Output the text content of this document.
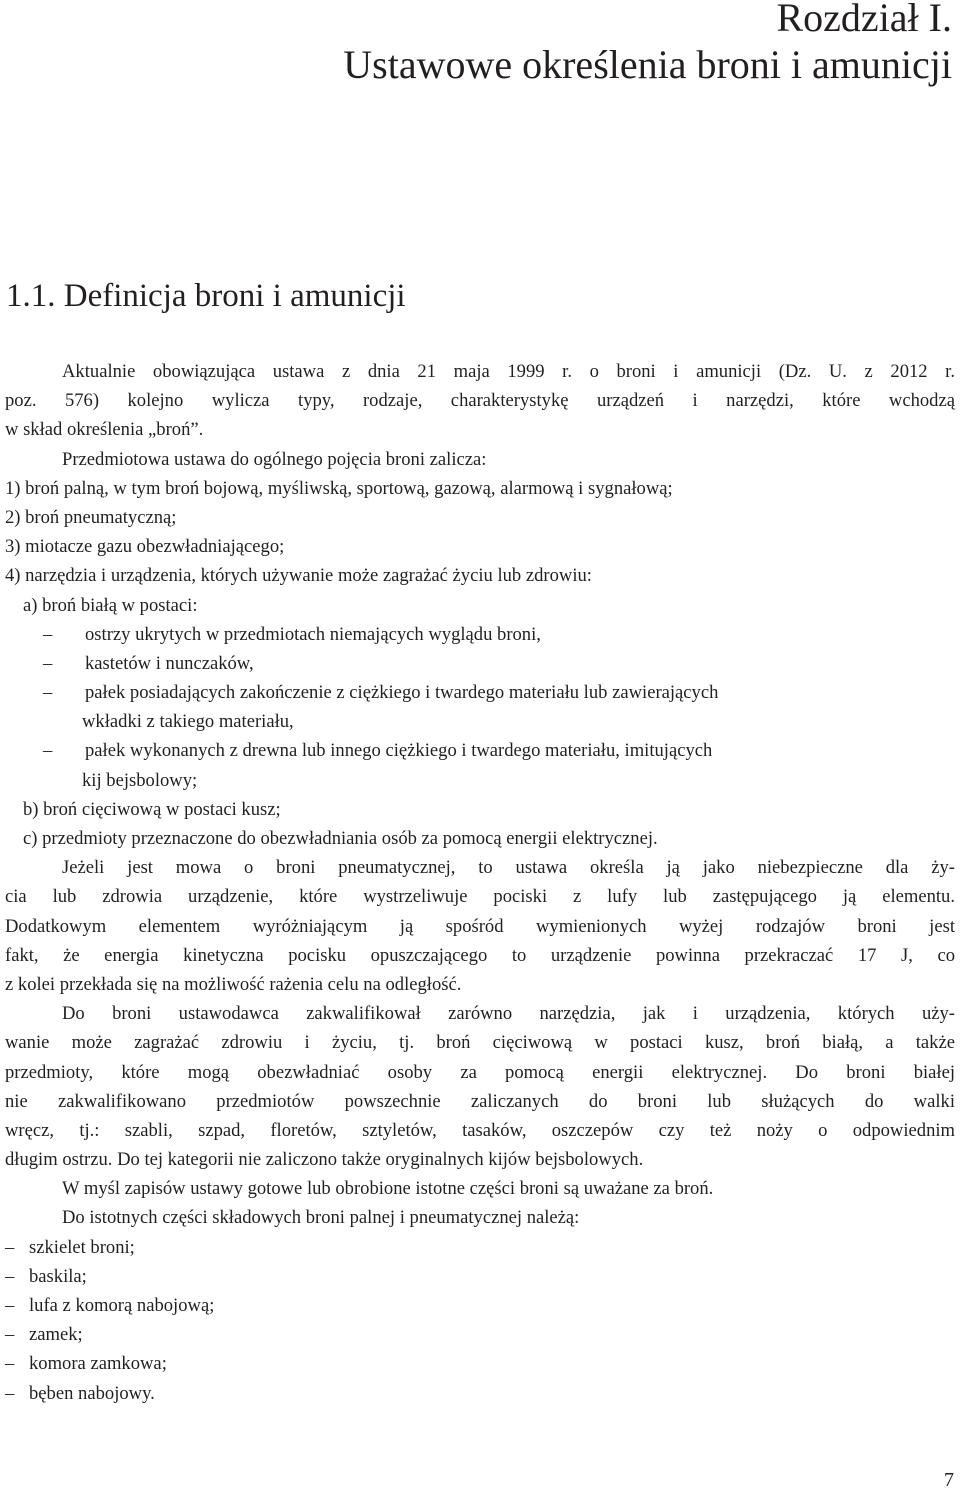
Rozdział I.
Ustawowe określenia broni i amunicji
1.1. Definicja broni i amunicji
Aktualnie obowiązująca ustawa z dnia 21 maja 1999 r. o broni i amunicji (Dz. U. z 2012 r.
poz. 576) kolejno wylicza typy, rodzaje, charakterystykę urządzeń i narzędzi, które wchodzą
w skład określenia „broń”.
Przedmiotowa ustawa do ogólnego pojęcia broni zalicza:
1) broń palną, w tym broń bojową, myśliwską, sportową, gazową, alarmową i sygnałową;
2) broń pneumatyczną;
3) miotacze gazu obezwładniającego;
4) narzędzia i urządzenia, których używanie może zagrażać życiu lub zdrowiu:
a) broń białą w postaci:
– ostrzy ukrytych w przedmiotach niemających wyglądu broni,
– kastetów i nunczaków,
– pałek posiadających zakończenie z ciężkiego i twardego materiału lub zawierających
wkładki z takiego materiału,
– pałek wykonanych z drewna lub innego ciężkiego i twardego materiału, imitujących
kij bejsbolowy;
b) broń cięciwową w postaci kusz;
c) przedmioty przeznaczone do obezwładniania osób za pomocą energii elektrycznej.
Jeżeli jest mowa o broni pneumatycznej, to ustawa określa ją jako niebezpieczne dla ży-
cia lub zdrowia urządzenie, które wystrzeliwuje pociski z lufy lub zastępującego ją elementu.
Dodatkowym elementem wyróżniającym ją spośród wymienionych wyżej rodzajów broni jest
fakt, że energia kinetyczna pocisku opuszczającego to urządzenie powinna przekraczać 17 J, co
z kolei przekłada się na możliwość rażenia celu na odległość.
Do broni ustawodawca zakwalifikował zarówno narzędzia, jak i urządzenia, których uży-
wanie może zagrażać zdrowiu i życiu, tj. broń cięciwową w postaci kusz, broń białą, a także
przedmioty, które mogą obezwładniać osoby za pomocą energii elektrycznej. Do broni białej
nie zakwalifikowano przedmiotów powszechnie zaliczanych do broni lub służących do walki
wręcz, tj.: szabli, szpad, floretów, sztyletów, tasaków, oszczepów czy też noży o odpowiednim
długim ostrzu. Do tej kategorii nie zaliczono także oryginalnych kijów bejsbolowych.
W myśl zapisów ustawy gotowe lub obrobione istotne części broni są uważane za broń.
Do istotnych części składowych broni palnej i pneumatycznej należą:
– szkielet broni;
– baskila;
– lufa z komorą nabojową;
– zamek;
– komora zamkowa;
– bęben nabojowy.
7
